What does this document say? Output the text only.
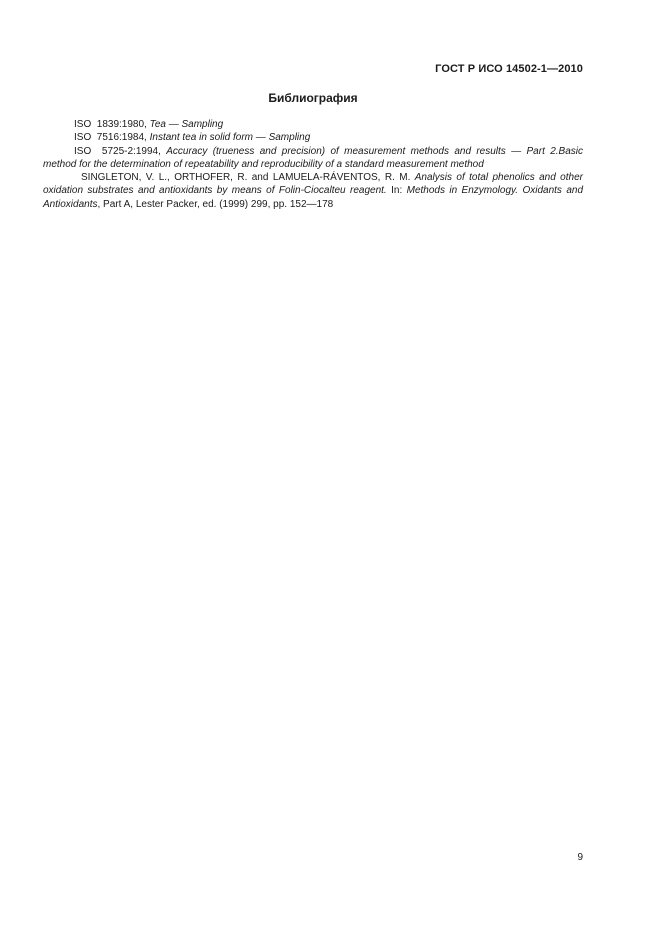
ГОСТ Р ИСО 14502-1—2010
Библиография

ISO  1839:1980, Tea — Sampling

ISO  7516:1984, Instant tea in solid form — Sampling

ISO  5725-2:1994, Accuracy (trueness and precision) of measurement methods and results — Part 2.Basic method for the determination of repeatability and reproducibility of a standard measurement method

SINGLETON, V. L., ORTHOFER, R. and LAMUELA-RÁVENTOS, R. M. Analysis of total phenolics and other oxidation substrates and antioxidants by means of Folin-Ciocalteu reagent. In: Methods in Enzymology. Oxidants and Antioxidants, Part A, Lester Packer, ed. (1999) 299, pp. 152—178

9
